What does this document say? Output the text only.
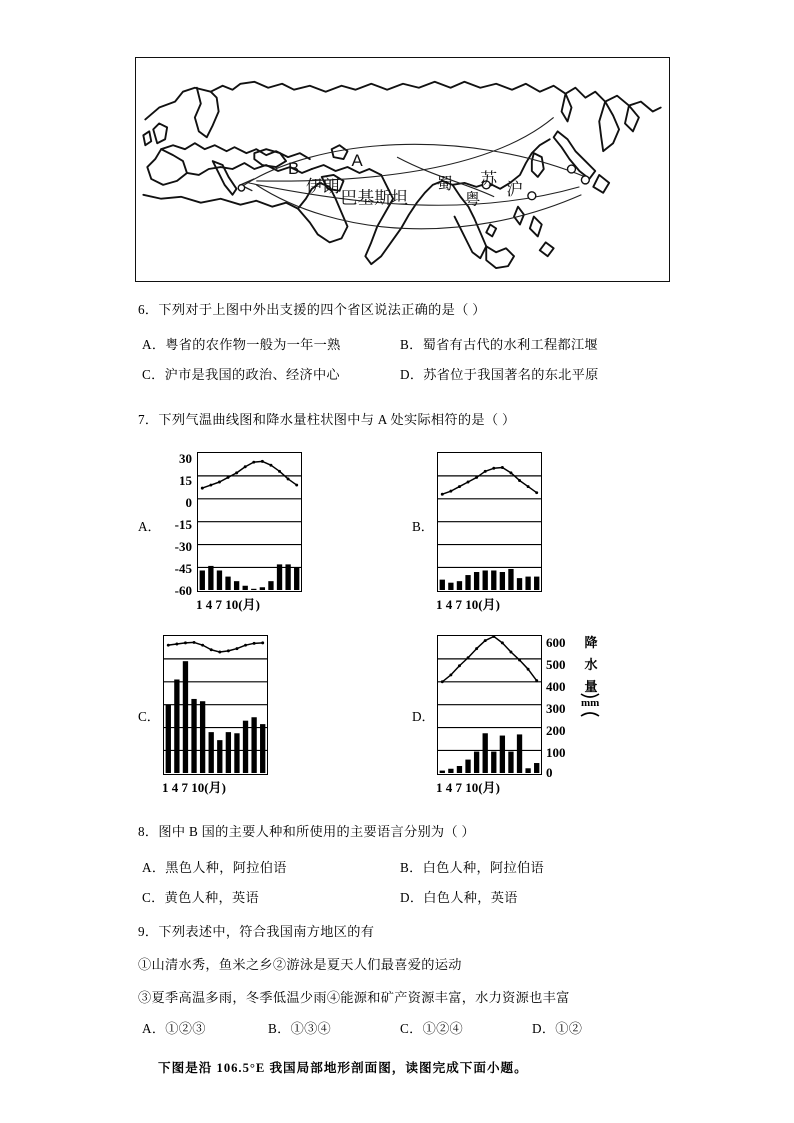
A
B
伊朗
巴基斯坦
蜀
粤
苏
沪
6．下列对于上图中外出支援的四个省区说法正确的是（ ）
A．粤省的农作物一般为一年一熟	B．蜀省有古代的水利工程都江堰
C．沪市是我国的政治、经济中心	D．苏省位于我国著名的东北平原
7．下列气温曲线图和降水量柱状图中与 A 处实际相符的是（ ）
A．
30
15
0
-15
-30
-45
-60
1 4 7 10(月)
B．
1 4 7 10(月)
C．
1 4 7 10(月)
D．
1 4 7 10(月)
600
500
400
300
200
100
0
降
水
量
mm
8．图中 B 国的主要人种和所使用的主要语言分别为（ ）
A．黑色人种，阿拉伯语	B．白色人种，阿拉伯语
C．黄色人种，英语	D．白色人种，英语
9．下列表述中，符合我国南方地区的有
①山清水秀，鱼米之乡②游泳是夏天人们最喜爱的运动
③夏季高温多雨，冬季低温少雨④能源和矿产资源丰富，水力资源也丰富
A．①②③	B．①③④	C．①②④	D．①②
下图是沿 106.5°E 我国局部地形剖面图，读图完成下面小题。
